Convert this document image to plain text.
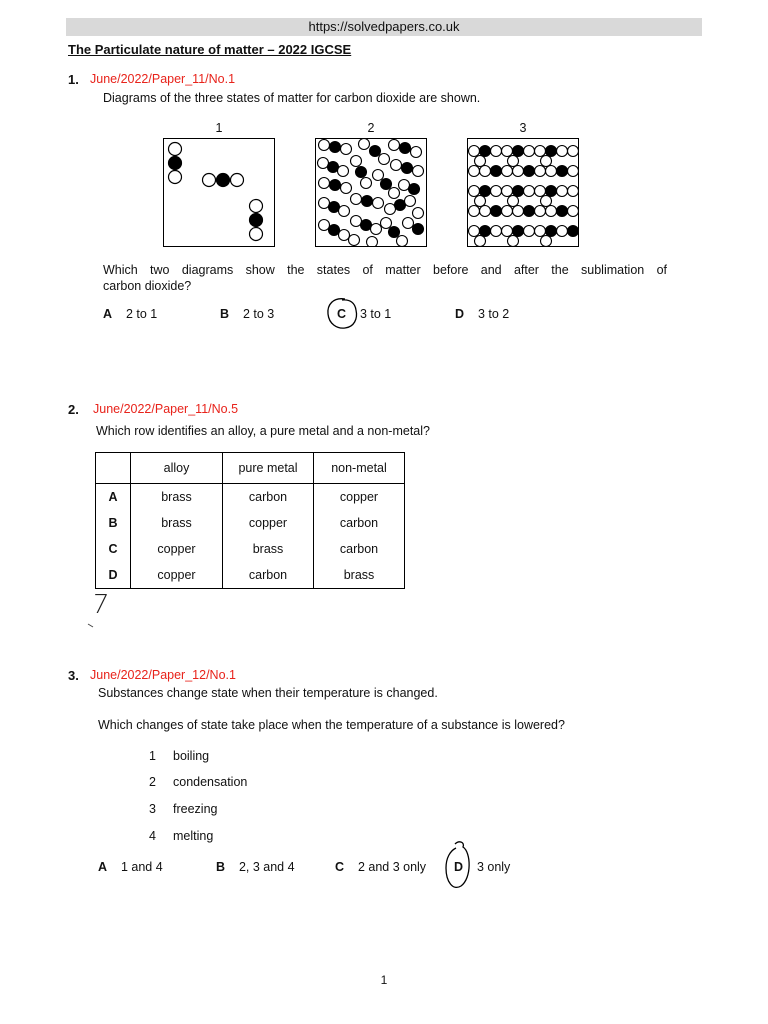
https://solvedpapers.co.uk
The Particulate nature of matter – 2022 IGCSE
1. June/2022/Paper_11/No.1
Diagrams of the three states of matter for carbon dioxide are shown.
1	2	3
Which two diagrams show the states of matter before and after the sublimation of
carbon dioxide?
A 2 to 1	B 2 to 3	C 3 to 1	D 3 to 2
2. June/2022/Paper_11/No.5
Which row identifies an alloy, a pure metal and a non-metal?
	alloy	pure metal	non-metal
A	brass	carbon	copper
B	brass	copper	carbon
C	copper	brass	carbon
D	copper	carbon	brass
7
3. June/2022/Paper_12/No.1
Substances change state when their temperature is changed.
Which changes of state take place when the temperature of a substance is lowered?
1 boiling
2 condensation
3 freezing
4 melting
A 1 and 4	B 2, 3 and 4	C 2 and 3 only D 3 only
1
